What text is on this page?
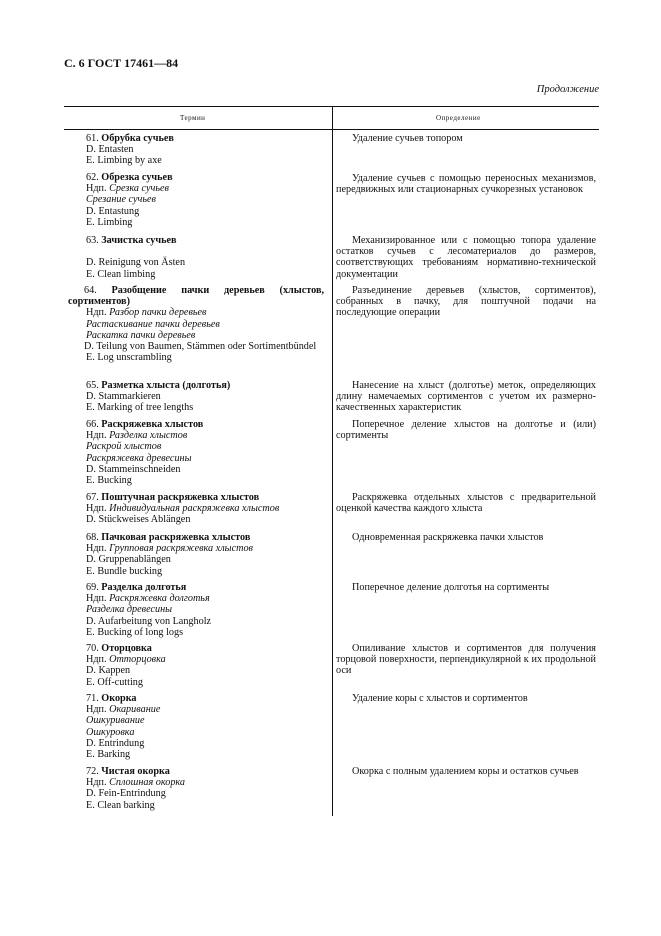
С. 6 ГОСТ 17461—84
Продолжение
Термин	Определение
61. Обрубка сучьев
D. Entasten
E. Limbing by axe
Удаление сучьев топором
62. Обрезка сучьев
Ндп. Срезка сучьев
Срезание сучьев
D. Entastung
E. Limbing
Удаление сучьев с помощью переносных механизмов, передвижных или стационарных сучкорезных установок
63. Зачистка сучьев

D. Reinigung von Ästen
E. Clean limbing
Механизированное или с помощью топора удаление остатков сучьев с лесоматериалов до размеров, соответствующих требованиям нормативно-технической документации
64. Разобщение пачки деревьев (хлыстов, сортиментов)
Ндп. Разбор пачки деревьев
Растаскивание пачки деревьев
Раскатка пачки деревьев
D. Teilung von Baumen, Stämmen oder Sortimentbündel
E. Log unscrambling
Разъединение деревьев (хлыстов, сортиментов), собранных в пачку, для поштучной подачи на последующие операции
65. Разметка хлыста (долготья)
D. Stammarkieren
E. Marking of tree lengths
Нанесение на хлыст (долготье) меток, определяющих длину намечаемых сортиментов с учетом их размерно-качественных характеристик
66. Раскряжевка хлыстов
Ндп. Разделка хлыстов
Раскрой хлыстов
Раскряжевка древесины
D. Stammeinschneiden
E. Bucking
Поперечное деление хлыстов на долготье и (или) сортименты
67. Поштучная раскряжевка хлыстов
Ндп. Индивидуальная раскряжевка хлыстов
D. Stückweises Ablängen
Раскряжевка отдельных хлыстов с предварительной оценкой качества каждого хлыста
68. Пачковая раскряжевка хлыстов
Ндп. Групповая раскряжевка хлыстов
D. Gruppenablängen
E. Bundle bucking
Одновременная раскряжевка пачки хлыстов
69. Разделка долготья
Ндп. Раскряжевка долготья
Разделка древесины
D. Aufarbeitung von Langholz
E. Bucking of long logs
Поперечное деление долготья на сортименты
70. Оторцовка
Ндп. Отторцовка
D. Kappen
E. Off-cutting
Опиливание хлыстов и сортиментов для получения торцовой поверхности, перпендикулярной к их продольной оси
71. Окорка
Ндп. Окаривание
Ошкуривание
Ошкуровка
D. Entrindung
E. Barking
Удаление коры с хлыстов и сортиментов
72. Чистая окорка
Ндп. Сплошная окорка
D. Fein-Entrindung
E. Clean barking
Окорка с полным удалением коры и остатков сучьев
